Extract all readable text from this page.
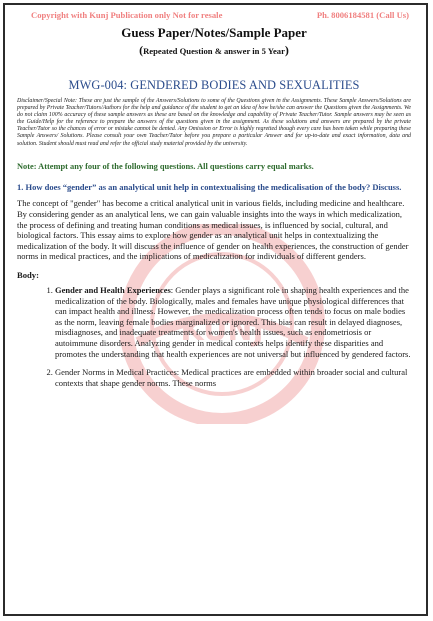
KUNJ
Copyright with Kunj Publication only Not for resale	Ph. 8006184581 (Call Us)
Guess Paper/Notes/Sample Paper
(Repeated Question & answer in 5 Year)
MWG-004: GENDERED BODIES AND SEXUALITIES
Disclaimer/Special Note: These are just the sample of the Answers/Solutions to some of the Questions given in the Assignments. These Sample Answers/Solutions are prepared by Private Teacher/Tutors/Authors for the help and guidance of the student to get an idea of how he/she can answer the Questions given the Assignments. We do not claim 100% accuracy of these sample answers as these are based on the knowledge and capability of Private Teacher/Tutor. Sample answers may be seen as the Guide/Help for the reference to prepare the answers of the questions given in the assignment. As these solutions and answers are prepared by the private Teacher/Tutor so the chances of error or mistake cannot be denied. Any Omission or Error is highly regretted though every care has been taken while preparing these Sample Answers/ Solutions. Please consult your own Teacher/Tutor before you prepare a particular Answer and for up-to-date and exact information, data and solution. Student should must read and refer the official study material provided by the university.
Note: Attempt any four of the following questions. All questions carry equal marks.
1. How does “gender” as an analytical unit help in contextualising the medicalisation of the body? Discuss.
The concept of "gender" has become a critical analytical unit in various fields, including medicine and healthcare. By considering gender as an analytical lens, we can gain valuable insights into the ways in which medicalization, the process of defining and treating human conditions as medical issues, is influenced by social, cultural, and biological factors. This essay aims to explore how gender as an analytical unit helps in contextualizing the medicalization of the body. It will discuss the influence of gender on health experiences, the construction of gender norms in medical practices, and the implications of medicalization for individuals of different genders.
Body:
1. Gender and Health Experiences: Gender plays a significant role in shaping health experiences and the medicalization of the body. Biologically, males and females have unique physiological differences that can impact health and illness. However, the medicalization process often tends to focus on male bodies as the norm, leaving female bodies marginalized or ignored. This bias can result in delayed diagnoses, misdiagnoses, and inadequate treatments for women's health issues, such as endometriosis or autoimmune disorders. Analyzing gender in medical contexts helps identify these disparities and promotes the understanding that health experiences are not universal but influenced by gendered factors.
2. Gender Norms in Medical Practices: Medical practices are embedded within broader social and cultural contexts that shape gender norms. These norms
